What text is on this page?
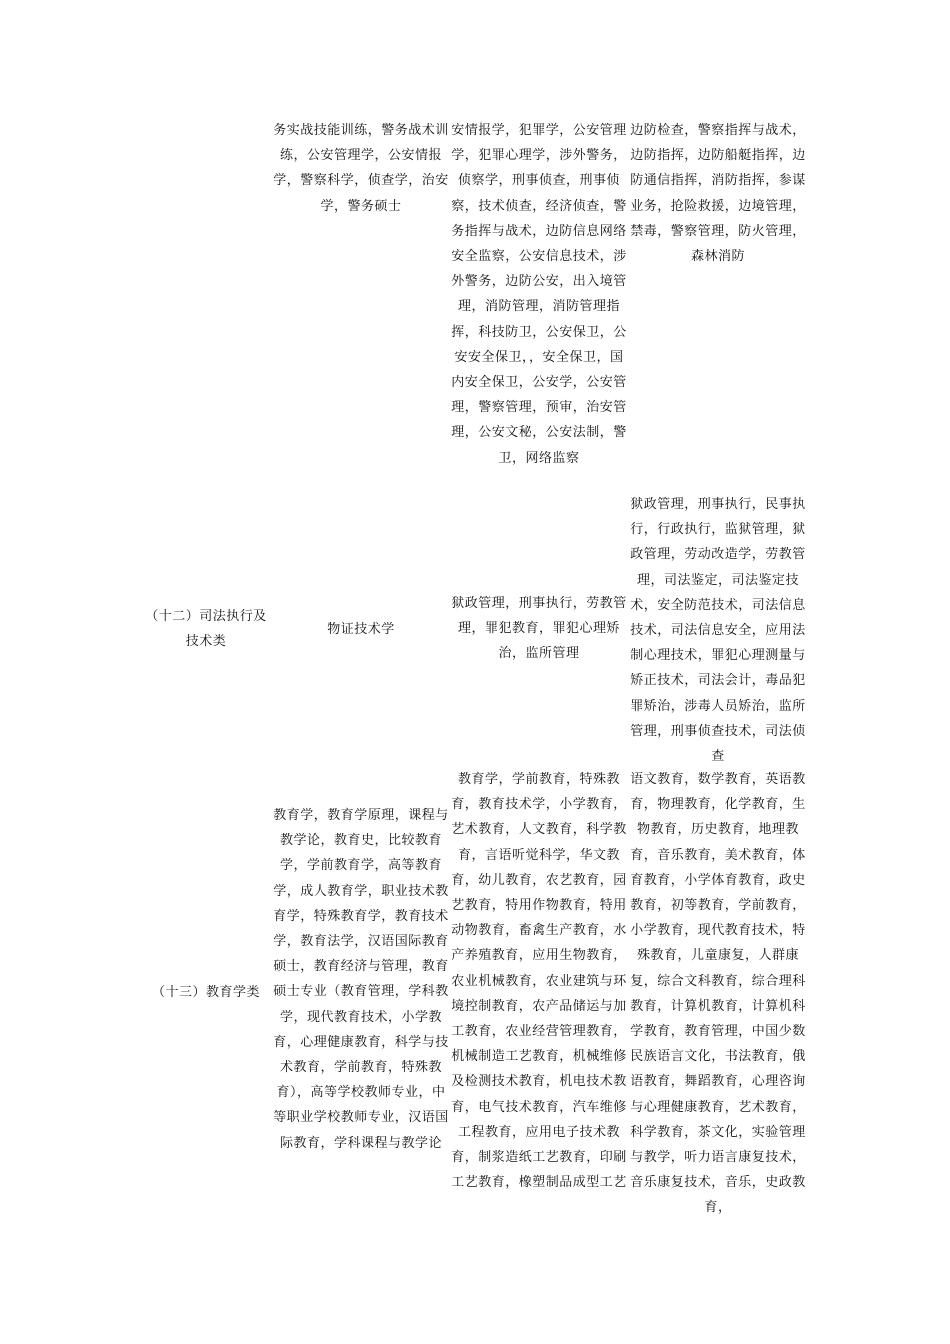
务实战技能训练，警务战术训练，公安管理学，公安情报学，警察科学，侦查学，治安学，警务硕士
安情报学，犯罪学，公安管理学，犯罪心理学，涉外警务，侦察学，刑事侦查，刑事侦察，技术侦查，经济侦查，警务指挥与战术，边防信息网络安全监察，公安信息技术，涉外警务，边防公安，出入境管理，消防管理，消防管理指挥，科技防卫，公安保卫，公安安全保卫，，安全保卫，国内安全保卫，公安学，公安管理，警察管理，预审，治安管理，公安文秘，公安法制，警卫，网络监察
边防检查，警察指挥与战术，边防指挥，边防船艇指挥，边防通信指挥，消防指挥，参谋业务，抢险救援，边境管理，禁毒，警察管理，防火管理，森林消防
（十二）司法执行及技术类
物证技术学
狱政管理，刑事执行，劳教管理，罪犯教育，罪犯心理矫治，监所管理
狱政管理，刑事执行，民事执行，行政执行，监狱管理，狱政管理，劳动改造学，劳教管理，司法鉴定，司法鉴定技术，安全防范技术，司法信息技术，司法信息安全，应用法制心理技术，罪犯心理测量与矫正技术，司法会计，毒品犯罪矫治，涉毒人员矫治，监所管理，刑事侦查技术，司法侦查
（十三）教育学类
教育学，教育学原理，课程与教学论，教育史，比较教育学，学前教育学，高等教育学，成人教育学，职业技术教育学，特殊教育学，教育技术学，教育法学，汉语国际教育硕士，教育经济与管理，教育硕士专业（教育管理，学科教学，现代教育技术，小学教育，心理健康教育，科学与技术教育，学前教育，特殊教育），高等学校教师专业，中等职业学校教师专业，汉语国际教育，学科课程与教学论
教育学，学前教育，特殊教育，教育技术学，小学教育，艺术教育，人文教育，科学教育，言语听觉科学，华文教育，幼儿教育，农艺教育，园艺教育，特用作物教育，特用动物教育，畜禽生产教育，水产养殖教育，应用生物教育，农业机械教育，农业建筑与环境控制教育，农产品储运与加工教育，农业经营管理教育，机械制造工艺教育，机械维修及检测技术教育，机电技术教育，电气技术教育，汽车维修工程教育，应用电子技术教育，制浆造纸工艺教育，印刷工艺教育，橡塑制品成型工艺
语文教育，数学教育，英语教育，物理教育，化学教育，生物教育，历史教育，地理教育，音乐教育，美术教育，体育教育，小学体育教育，政史教育，初等教育，学前教育，小学教育，现代教育技术，特殊教育，儿童康复，人群康复，综合文科教育，综合理科教育，计算机教育，计算机科学教育，教育管理，中国少数民族语言文化，书法教育，俄语教育，舞蹈教育，心理咨询与心理健康教育，艺术教育，科学教育，茶文化，实验管理与教学，听力语言康复技术，音乐康复技术，音乐，史政教育，
